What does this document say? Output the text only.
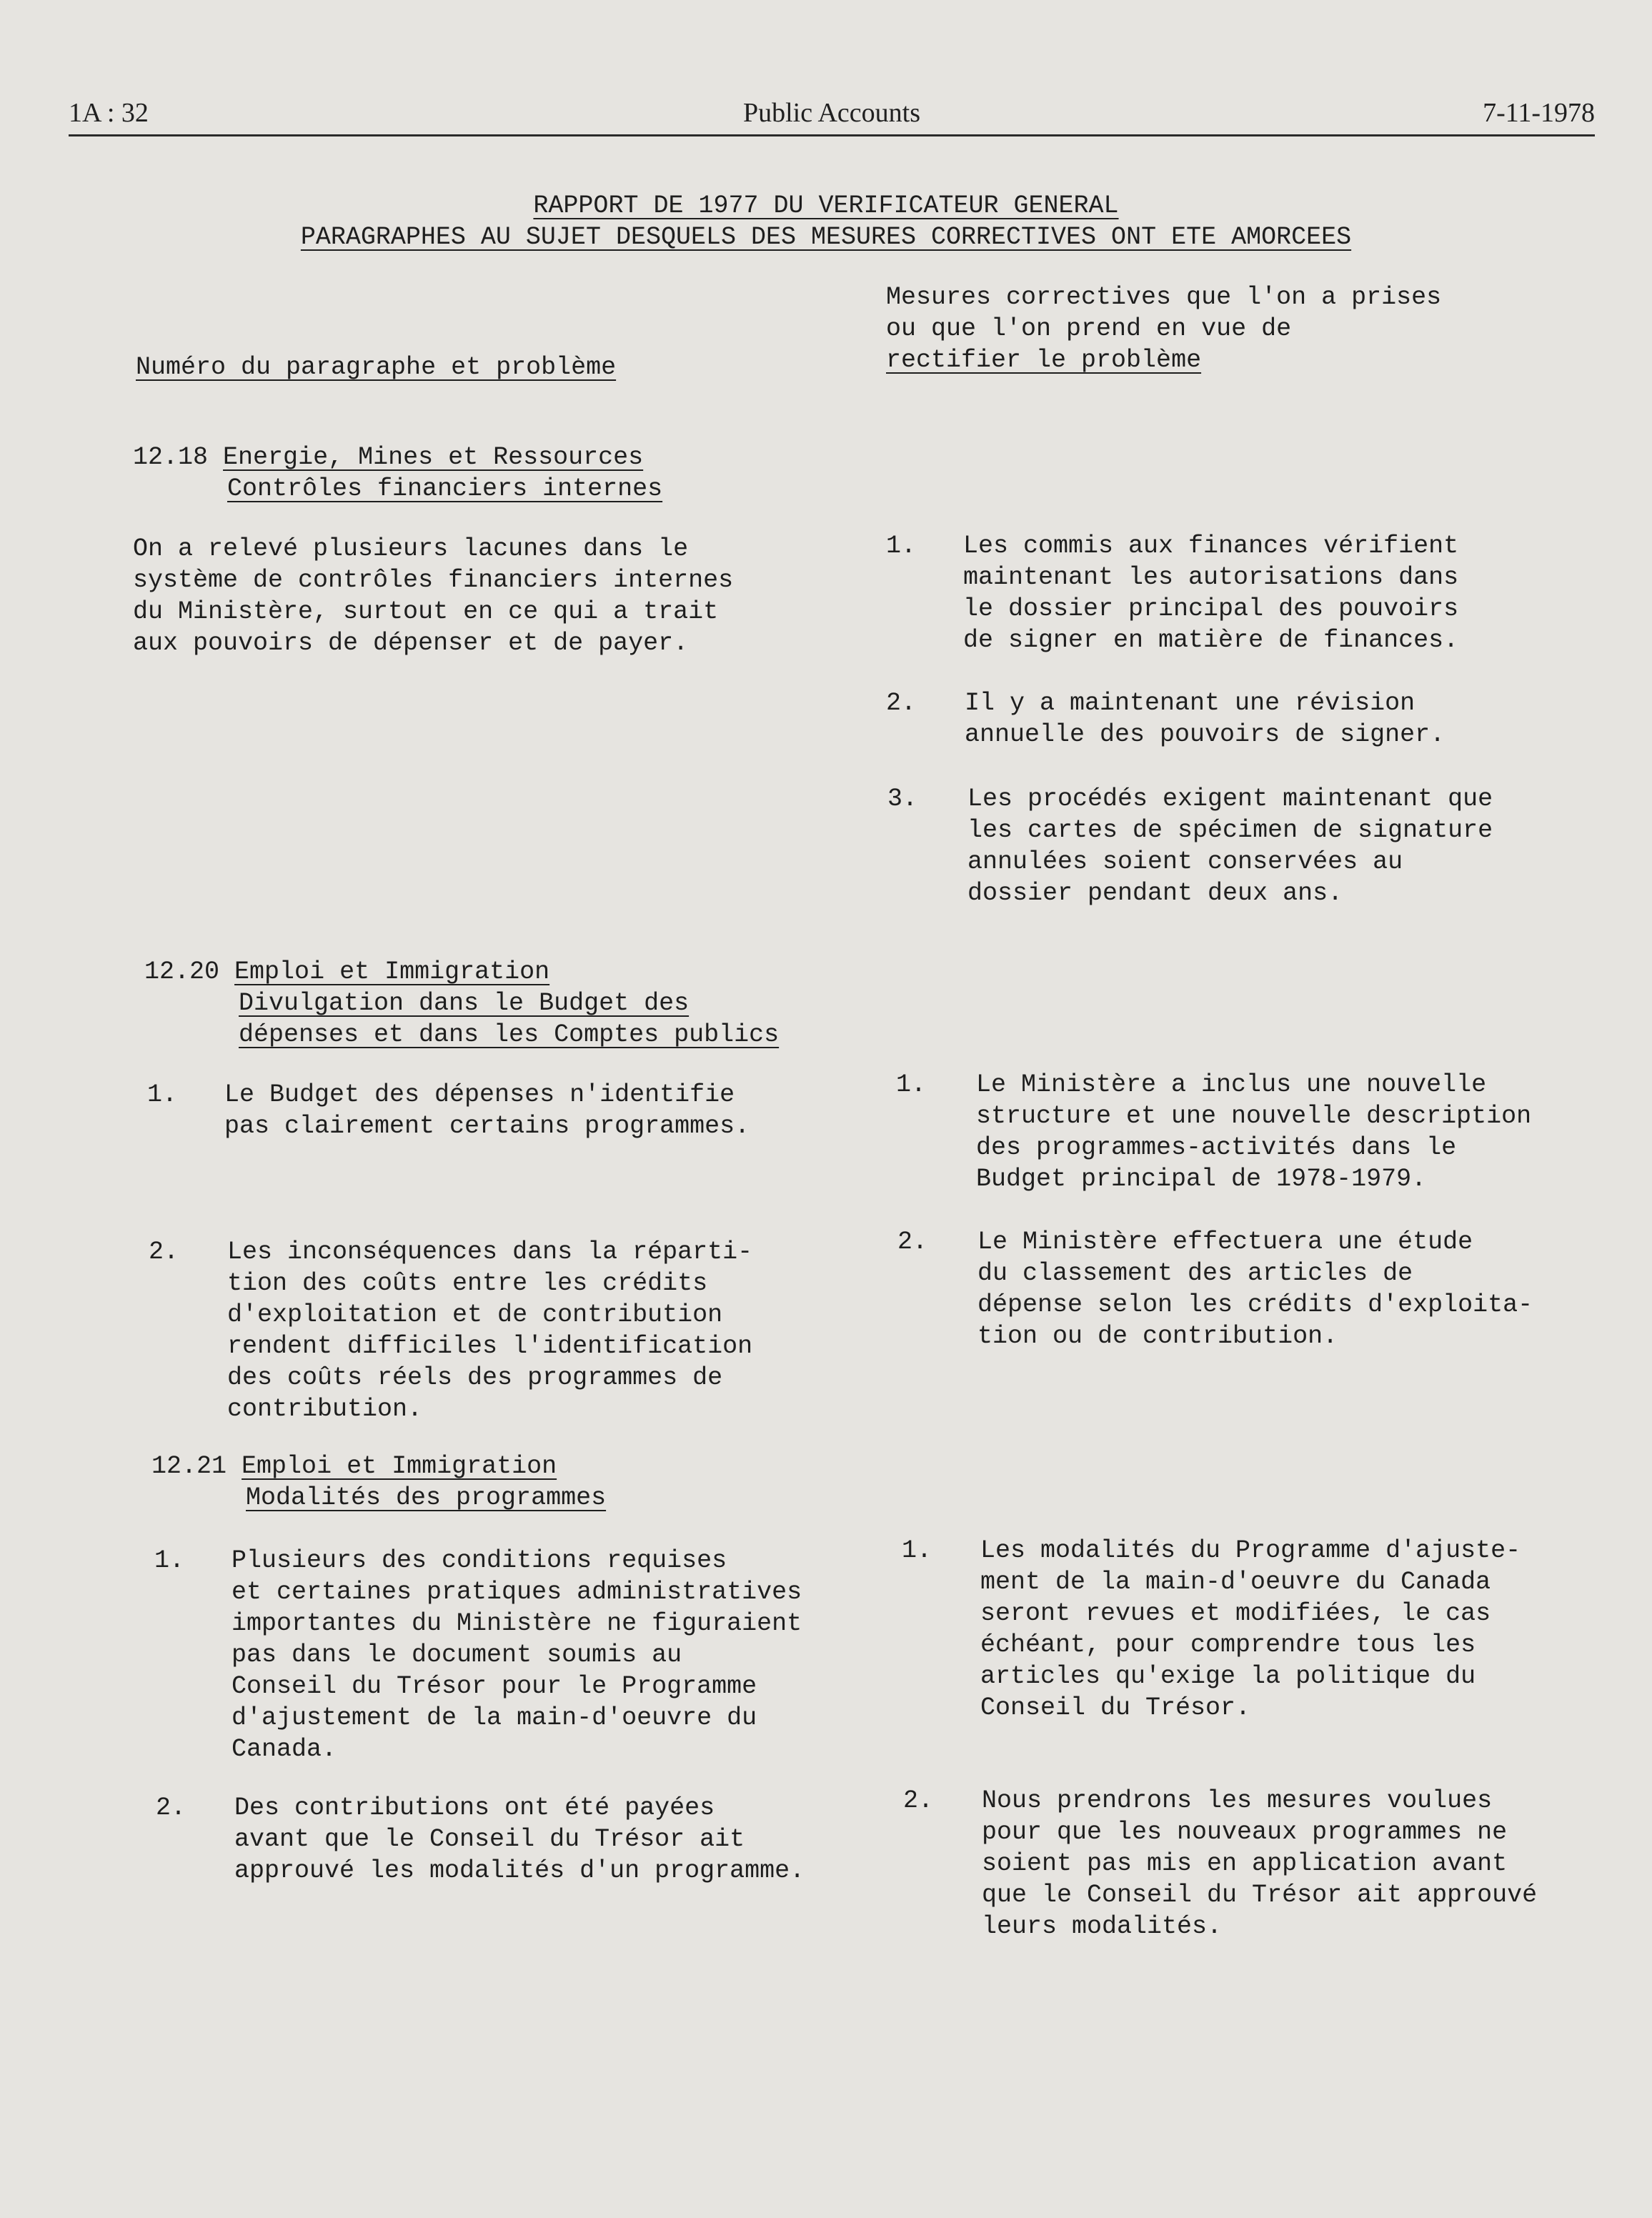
1A : 32	Public Accounts	7-11-1978
RAPPORT DE 1977 DU VERIFICATEUR GENERAL
PARAGRAPHES AU SUJET DESQUELS DES MESURES CORRECTIVES ONT ETE AMORCEES
Numéro du paragraphe et problème
Mesures correctives que l'on a prises
ou que l'on prend en vue de
rectifier le problème
12.18 Energie, Mines et Ressources
Contrôles financiers internes
On a relevé plusieurs lacunes dans le
système de contrôles financiers internes
du Ministère, surtout en ce qui a trait
aux pouvoirs de dépenser et de payer.
1. Les commis aux finances vérifient
maintenant les autorisations dans
le dossier principal des pouvoirs
de signer en matière de finances.
2. Il y a maintenant une révision
annuelle des pouvoirs de signer.
3. Les procédés exigent maintenant que
les cartes de spécimen de signature
annulées soient conservées au
dossier pendant deux ans.
12.20 Emploi et Immigration
Divulgation dans le Budget des
dépenses et dans les Comptes publics
1. Le Budget des dépenses n'identifie
pas clairement certains programmes.
2. Les inconséquences dans la réparti-
tion des coûts entre les crédits
d'exploitation et de contribution
rendent difficiles l'identification
des coûts réels des programmes de
contribution.
1. Le Ministère a inclus une nouvelle
structure et une nouvelle description
des programmes-activités dans le
Budget principal de 1978-1979.
2. Le Ministère effectuera une étude
du classement des articles de
dépense selon les crédits d'exploita-
tion ou de contribution.
12.21 Emploi et Immigration
Modalités des programmes
1. Plusieurs des conditions requises
et certaines pratiques administratives
importantes du Ministère ne figuraient
pas dans le document soumis au
Conseil du Trésor pour le Programme
d'ajustement de la main-d'oeuvre du
Canada.
2. Des contributions ont été payées
avant que le Conseil du Trésor ait
approuvé les modalités d'un programme.
1. Les modalités du Programme d'ajuste-
ment de la main-d'oeuvre du Canada
seront revues et modifiées, le cas
échéant, pour comprendre tous les
articles qu'exige la politique du
Conseil du Trésor.
2. Nous prendrons les mesures voulues
pour que les nouveaux programmes ne
soient pas mis en application avant
que le Conseil du Trésor ait approuvé
leurs modalités.
